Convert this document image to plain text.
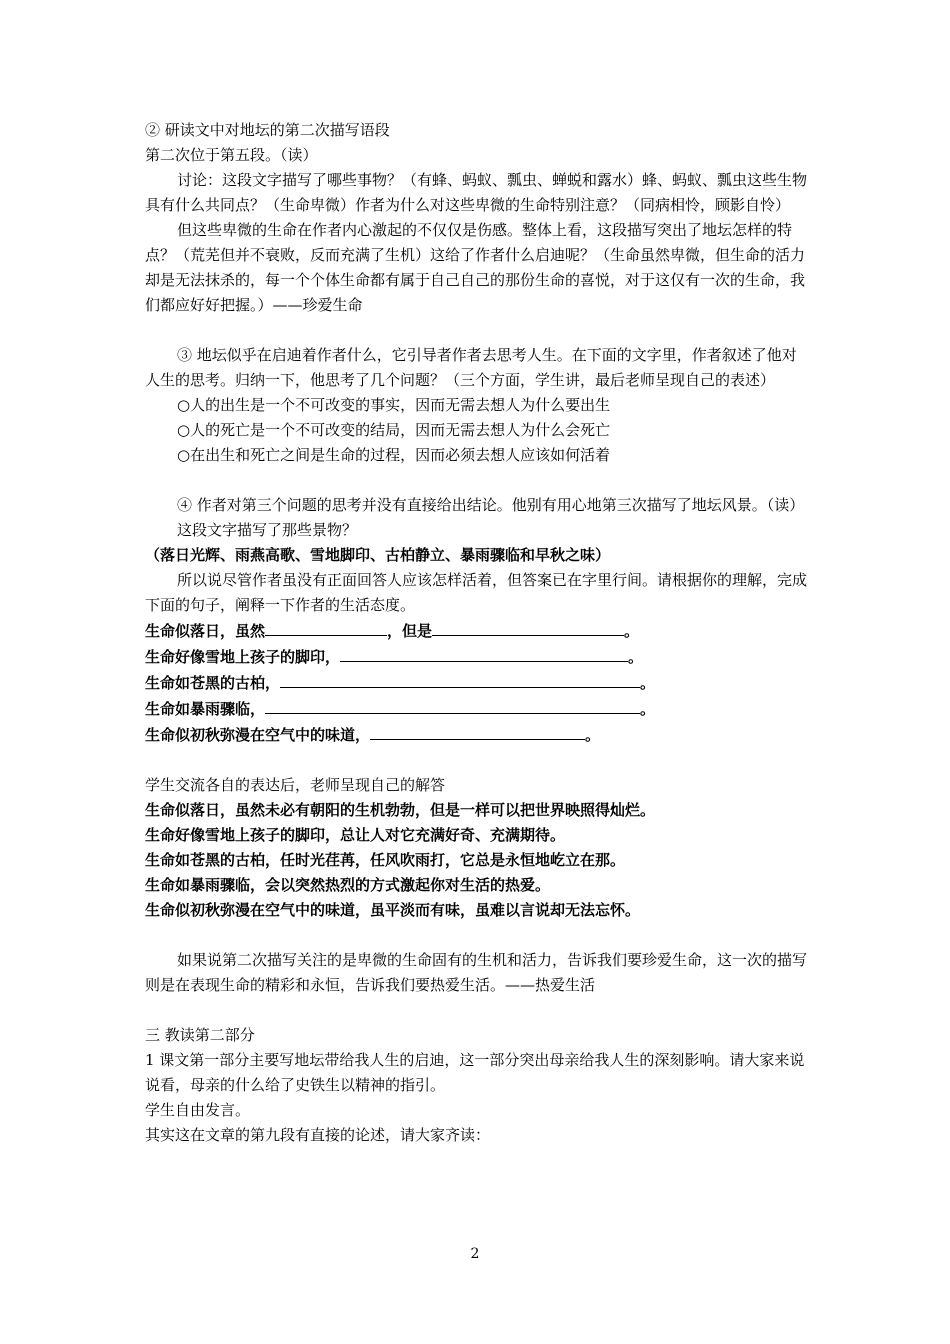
② 研读文中对地坛的第二次描写语段

第二次位于第五段。（读）

讨论：这段文字描写了哪些事物？（有蜂、蚂蚁、瓢虫、蝉蜕和露水）蜂、蚂蚁、瓢虫这些生物具有什么共同点？（生命卑微）作者为什么对这些卑微的生命特别注意？（同病相怜，顾影自怜）

但这些卑微的生命在作者内心激起的不仅仅是伤感。整体上看，这段描写突出了地坛怎样的特点？（荒芜但并不衰败，反而充满了生机）这给了作者什么启迪呢？（生命虽然卑微，但生命的活力却是无法抹杀的，每一个个体生命都有属于自己自己的那份生命的喜悦，对于这仅有一次的生命，我们都应好好把握。）——珍爱生命

③ 地坛似乎在启迪着作者什么，它引导者作者去思考人生。在下面的文字里，作者叙述了他对人生的思考。归纳一下，他思考了几个问题？（三个方面，学生讲，最后老师呈现自己的表述）

○人的出生是一个不可改变的事实，因而无需去想人为什么要出生

○人的死亡是一个不可改变的结局，因而无需去想人为什么会死亡

○在出生和死亡之间是生命的过程，因而必须去想人应该如何活着

④ 作者对第三个问题的思考并没有直接给出结论。他别有用心地第三次描写了地坛风景。（读）

这段文字描写了那些景物？

（落日光辉、雨燕高歌、雪地脚印、古柏静立、暴雨骤临和早秋之味）

所以说尽管作者虽没有正面回答人应该怎样活着，但答案已在字里行间。请根据你的理解，完成下面的句子，阐释一下作者的生活态度。

生命似落日，虽然	，但是	。

生命好像雪地上孩子的脚印，	。

生命如苍黑的古柏，	。

生命如暴雨骤临，	。

生命似初秋弥漫在空气中的味道，	。

学生交流各自的表达后，老师呈现自己的解答

生命似落日，虽然未必有朝阳的生机勃勃，但是一样可以把世界映照得灿烂。

生命好像雪地上孩子的脚印，总让人对它充满好奇、充满期待。

生命如苍黑的古柏，任时光荏苒，任风吹雨打，它总是永恒地屹立在那。

生命如暴雨骤临，会以突然热烈的方式激起你对生活的热爱。

生命似初秋弥漫在空气中的味道，虽平淡而有味，虽难以言说却无法忘怀。

如果说第二次描写关注的是卑微的生命固有的生机和活力，告诉我们要珍爱生命，这一次的描写则是在表现生命的精彩和永恒，告诉我们要热爱生活。——热爱生活

三 教读第二部分

1 课文第一部分主要写地坛带给我人生的启迪，这一部分突出母亲给我人生的深刻影响。请大家来说说看，母亲的什么给了史铁生以精神的指引。

学生自由发言。

其实这在文章的第九段有直接的论述，请大家齐读：

2
